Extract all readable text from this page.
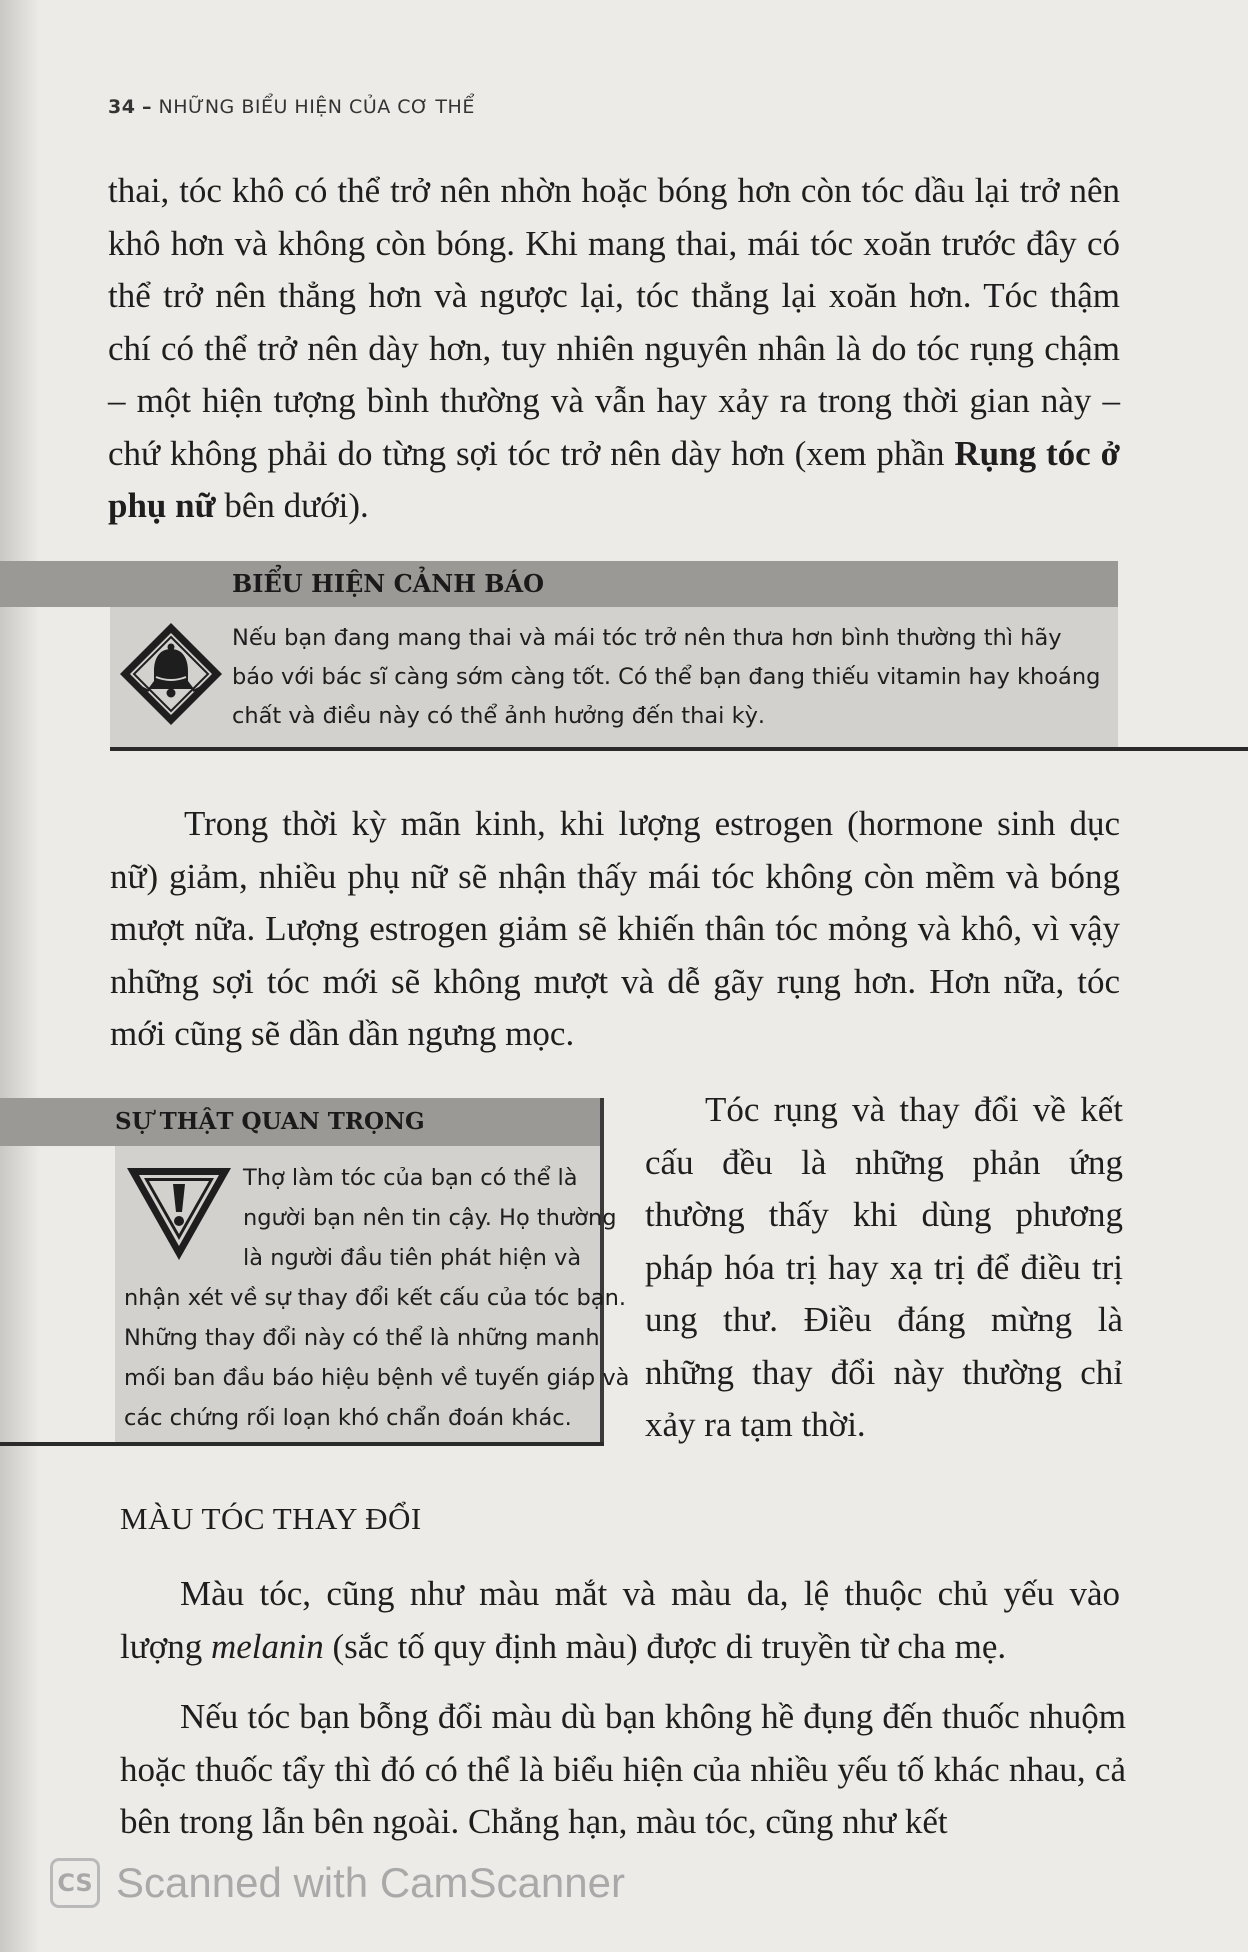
34 – NHỮNG BIỂU HIỆN CỦA CƠ THỂ

thai, tóc khô có thể trở nên nhờn hoặc bóng hơn còn tóc dầu lại trở nên khô hơn và không còn bóng. Khi mang thai, mái tóc xoăn trước đây có thể trở nên thẳng hơn và ngược lại, tóc thẳng lại xoăn hơn. Tóc thậm chí có thể trở nên dày hơn, tuy nhiên nguyên nhân là do tóc rụng chậm – một hiện tượng bình thường và vẫn hay xảy ra trong thời gian này – chứ không phải do từng sợi tóc trở nên dày hơn (xem phần Rụng tóc ở phụ nữ bên dưới).

BIỂU HIỆN CẢNH BÁO
Nếu bạn đang mang thai và mái tóc trở nên thưa hơn bình thường thì hãy báo với bác sĩ càng sớm càng tốt. Có thể bạn đang thiếu vitamin hay khoáng chất và điều này có thể ảnh hưởng đến thai kỳ.

Trong thời kỳ mãn kinh, khi lượng estrogen (hormone sinh dục nữ) giảm, nhiều phụ nữ sẽ nhận thấy mái tóc không còn mềm và bóng mượt nữa. Lượng estrogen giảm sẽ khiến thân tóc mỏng và khô, vì vậy những sợi tóc mới sẽ không mượt và dễ gãy rụng hơn. Hơn nữa, tóc mới cũng sẽ dần dần ngưng mọc.

SỰ THẬT QUAN TRỌNG

Thợ làm tóc của bạn có thể là

người bạn nên tin cậy. Họ thường

là người đầu tiên phát hiện và

nhận xét về sự thay đổi kết cấu của tóc bạn.

Những thay đổi này có thể là những manh

mối ban đầu báo hiệu bệnh về tuyến giáp và

các chứng rối loạn khó chẩn đoán khác.

Tóc rụng và thay đổi về kết cấu đều là những phản ứng thường thấy khi dùng phương pháp hóa trị hay xạ trị để điều trị ung thư. Điều đáng mừng là những thay đổi này thường chỉ xảy ra tạm thời.

MÀU TÓC THAY ĐỔI

Màu tóc, cũng như màu mắt và màu da, lệ thuộc chủ yếu vào lượng melanin (sắc tố quy định màu) được di truyền từ cha mẹ.

Nếu tóc bạn bỗng đổi màu dù bạn không hề đụng đến thuốc nhuộm hoặc thuốc tẩy thì đó có thể là biểu hiện của nhiều yếu tố khác nhau, cả bên trong lẫn bên ngoài. Chẳng hạn, màu tóc, cũng như kết

CS Scanned with CamScanner
